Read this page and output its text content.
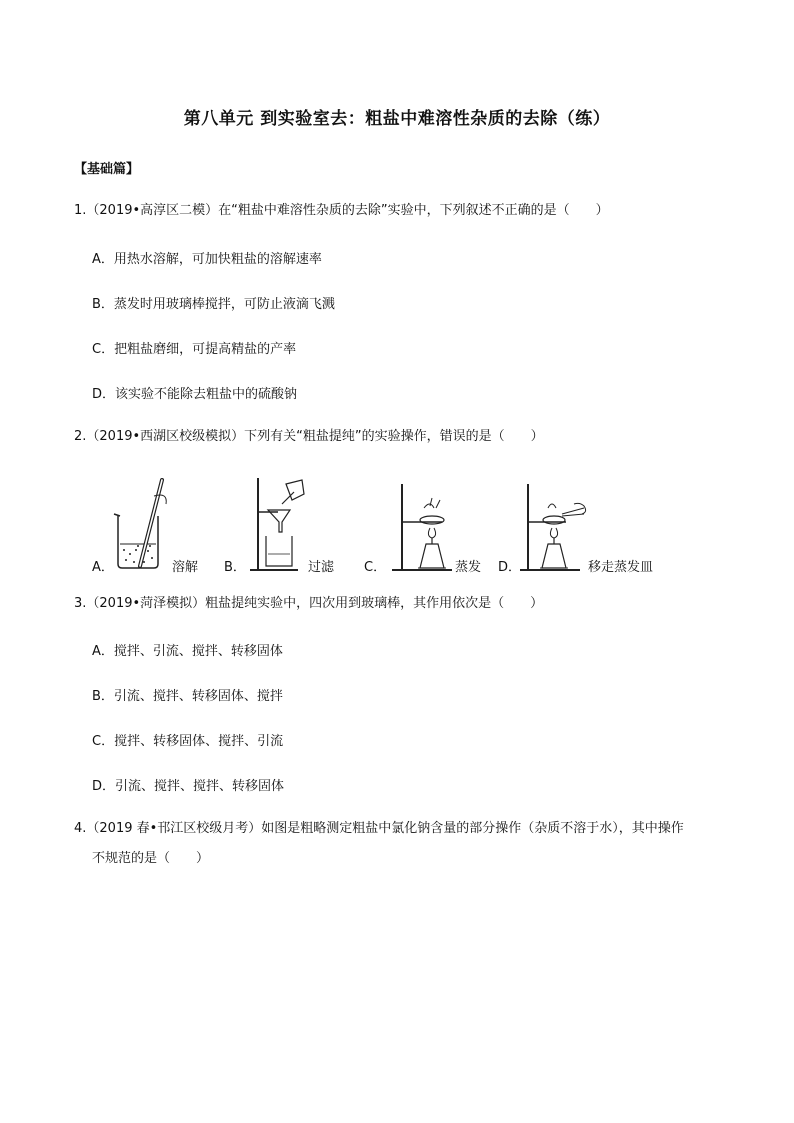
第八单元 到实验室去：粗盐中难溶性杂质的去除（练）
【基础篇】
1.（2019•高淳区二模）在“粗盐中难溶性杂质的去除”实验中，下列叙述不正确的是（　　）
A．用热水溶解，可加快粗盐的溶解速率
B．蒸发时用玻璃棒搅拌，可防止液滴飞溅
C．把粗盐磨细，可提高精盐的产率
D．该实验不能除去粗盐中的硫酸钠
2.（2019•西湖区校级模拟）下列有关“粗盐提纯”的实验操作，错误的是（　　）
A．	溶解 B．	过滤 C．	蒸发 D．	移走蒸发皿
3.（2019•菏泽模拟）粗盐提纯实验中，四次用到玻璃棒，其作用依次是（　　）
A．搅拌、引流、搅拌、转移固体
B．引流、搅拌、转移固体、搅拌
C．搅拌、转移固体、搅拌、引流
D．引流、搅拌、搅拌、转移固体
4.（2019 春•邗江区校级月考）如图是粗略测定粗盐中氯化钠含量的部分操作（杂质不溶于水），其中操作
不规范的是（　　）
